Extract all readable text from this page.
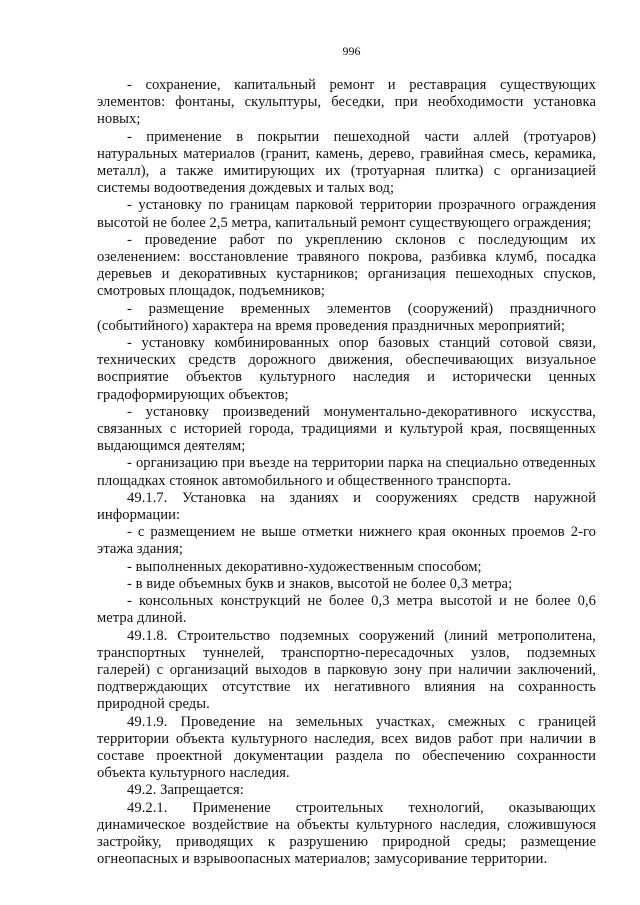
996

- сохранение, капитальный ремонт и реставрация существующих элементов: фонтаны, скульптуры, беседки, при необходимости установка новых;

- применение в покрытии пешеходной части аллей (тротуаров) натуральных материалов (гранит, камень, дерево, гравийная смесь, керамика, металл), а также имитирующих их (тротуарная плитка) с организацией системы водоотведения дождевых и талых вод;

- установку по границам парковой территории прозрачного ограждения высотой не более 2,5 метра, капитальный ремонт существующего ограждения;

- проведение работ по укреплению склонов с последующим их озеленением: восстановление травяного покрова, разбивка клумб, посадка деревьев и декоративных кустарников; организация пешеходных спусков, смотровых площадок, подъемников;

- размещение временных элементов (сооружений) праздничного (событийного) характера на время проведения праздничных мероприятий;

- установку комбинированных опор базовых станций сотовой связи, технических средств дорожного движения, обеспечивающих визуальное восприятие объектов культурного наследия и исторически ценных градоформирующих объектов;

- установку произведений монументально-декоративного искусства, связанных с историей города, традициями и культурой края, посвященных выдающимся деятелям;

- организацию при въезде на территории парка на специально отведенных площадках стоянок автомобильного и общественного транспорта.

49.1.7. Установка на зданиях и сооружениях средств наружной информации:

- с размещением не выше отметки нижнего края оконных проемов 2-го этажа здания;

- выполненных декоративно-художественным способом;

- в виде объемных букв и знаков, высотой не более 0,3 метра;

- консольных конструкций не более 0,3 метра высотой и не более 0,6 метра длиной.

49.1.8. Строительство подземных сооружений (линий метрополитена, транспортных туннелей, транспортно-пересадочных узлов, подземных галерей) с организаций выходов в парковую зону при наличии заключений, подтверждающих отсутствие их негативного влияния на сохранность природной среды.

49.1.9. Проведение на земельных участках, смежных с границей территории объекта культурного наследия, всех видов работ при наличии в составе проектной документации раздела по обеспечению сохранности объекта культурного наследия.

49.2. Запрещается:

49.2.1. Применение строительных технологий, оказывающих динамическое воздействие на объекты культурного наследия, сложившуюся застройку, приводящих к разрушению природной среды; размещение огнеопасных и взрывоопасных материалов; замусоривание территории.
